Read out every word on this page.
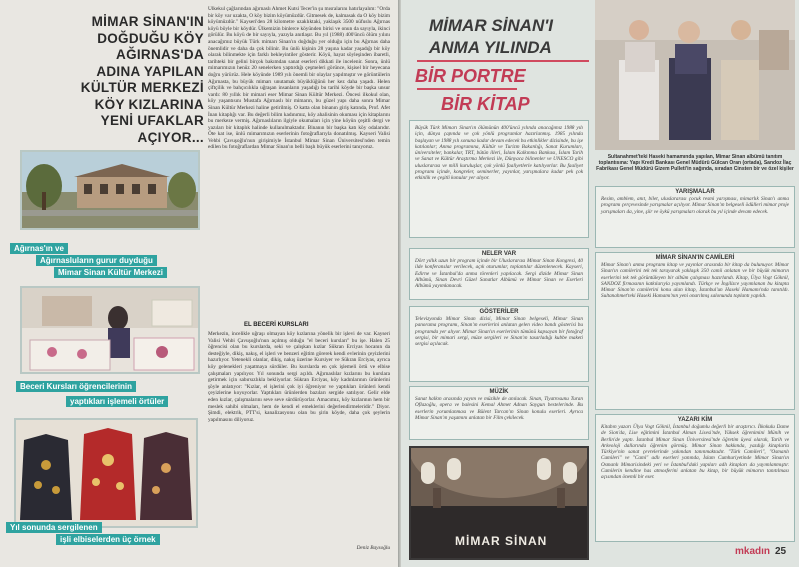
MİMAR SİNAN'IN
DOĞDUĞU KÖY
AĞIRNAS'DA
ADINA YAPILAN
KÜLTÜR MERKEZİ
KÖY KIZLARINA
YENİ UFAKLAR
AÇIYOR...
Ağırnas'ın ve
Ağırnasluların gurur duyduğu
Mimar Sinan Kültür Merkezi
Beceri Kursları öğrencilerinin
yaptıkları işlemeli örtüler
Yıl sonunda sergilenen
işli elbiselerden üç örnek
Ülkekul çağlarından ağırnaslı Ahmet Kutsi Tecer'in şu mısralarını hatırlayalım: "Orda bir köy var uzakta, O köy bizim köyümüzdür. Gitmesek de, kalmasak da O köy bizim köyümüzdür." Kayseri'den 28 kilometre uzaklıktaki, yaklaşık 3500 nüfuslu Ağırnas köyü böyle bir köydür. Ülkemizin binlerce köyünden birisi ve onun da sayıyla, ikinci görülür. Bu köyü de bir sayıyla, yazıyla anıtlaşır. Bu yıl (1988) 400'üncü ölüm yılını anacağımız büyük Türk mimarı Sinan'ın doğduğu yer olduğu için bu Ağırnas daha önemlidir ve daha da çok bilinir. Bu ünlü kişinin 28 yaşına kadar yaşadığı bir köy olarak bilinmekte için farklı bekleyintiler gösterir. Köyü, hayat söyleşinden ibaretli, tarihteki bir gelini birçok bakımdan sanat eserleri dikkati ile incelenir. Sonra, ünlü mimarımızın henüz 20 senelerken yaptırdığı çeşmeleri görünce, kişisel bir heyecana doğru yürürüz. Hele köyünde 1989 yılı önemli bir olaylar yapılmıştır ve görüntülerin Ağırnasta, bu büyük mimarı unutamak büyüklüğünü her kez daha yaşadı. Helen çiftçilik ve bahçıcılıkla uğraşan insanların yaşadığı bu tarihi köyde bir başka unsur vardı: 80 yıllık bir mimari eser Mimar Sinan Kültür Merkezi. Öncesi ilkokul olan, köy yaşantısını Mustafa Ağırnaslı bir mimarın, bu güzel yapı daha sonra Mimar Sinan Kültür Merkezi haline getirilmiş. O katta olan binanın giriş katında, Prof. Afet İnan kitaplığı var. Bu değerli bilim kadınımız, köy ahalisinin okuması için kitaplarını bu merkeze vermiş. Ağırnaslıların ilgiyle okumaları için yine köyün çeşitli dergi ve yazıları bir kitaplık halinde kullanılmaktadır. Binanın bir başka katı köy odalarıdır. Öte kat ise, ünlü mimarımızın eserlerinin fotoğraflarıyla donatılmış. Kayseri Valisi Vehbi Çavuşoğlu'nun girişimiyle İstanbul Mimar Sinan Üniversitesi'nden temin edilen bu fotoğraflardan Mimar Sinan'ın belli başlı büyük eserlerini tanıyoruz.
EL BECERİ KURSLARI
Merkezin, incelikle uğraşı olmayan köy kızlarına yönelik bir işlevi de var. Kayseri Valisi Vehbi Çavuşoğlu'nun açılmış olduğu "el beceri kursları" bu işe. Halen 25 öğrencisi olan bu kurslarda, seki ve çalışkan kızlar Sükran Erciyas hocanın da desteğiyle, dikiş, nakış, el işleri ve benzeri eğitim görerek kendi evlerinin çeyizlerini hazırlıyor. Yetenekli olanlar, dikiş, nakış üzerine Kursiyer ve Sükran Erciyas, ayrıca köy gelenekleri yaşatmaya sürdüler. Bu kurslarda en çok işlemeli örtü ve elbise çalışmaları yapılıyor. Yıl sonunda sergi açıldı. Ağırnaslılar kızlarını bu kurslara getirmek için sabırsızlıkla bekliyorlar. Sükran Erciyas, köy kadınlarının ürünlerini şöyle anlatıyor: "Kızlar, el işlerini çok iyi öğreniyor ve yaptıkları ürünleri kendi çeyizlerine koyuyorlar. Yaptıkları ürünlerden bazıları sergide satılıyor. Gelir elde eden kızlar, çalışmalarını seve seve sürdürüyorlar. Amacımız, köy kızlarının hem bir meslek sahibi olmaları, hem de kendi el emeklerini değerlendirmeleridir." Diyor. Şimdi, elektrik, PTT'si, kanalizasyonu olan bu şirin köyde, daha çok şeylerin yapılmasını diliyoruz.
Deniz Baysoğlu
MİMAR SİNAN'I
ANMA YILINDA
BİR PORTRE
BİR KİTAP
Büyük Türk Mimarı Sinan'ın ölümünün 400'üncü yılında anacağımız 1988 yılı için, dünya çapında ve çok yönlü programlar hazırlanmış. 1985 yılında başlayan ve 1988 yılı sonuna kadar devam edecek bu etkinlikler dizisinde, bu işe katılanlar; Anma programına, Kültür ve Turizm Bakanlığı, Sanat Kurumları, üniversiteler, bankalar, TRT, bütün illeri, İslam Kalkınma Bankası, İslam Tarih ve Sanat ve Kültür Araştırma Merkezi ile, Dünyaca bilinenler ve UNESCO gibi uluslararası ve milli kuruluşlar, çok yönlü faaliyetlerle katılıyorlar. Bu faaliyet programı içinde, kongreler, seminerler, yayınlar, yarışmalara kadar pek çok etkinlik ve çeşitli konular yer alıyor.
NELER VAR
Dört yıllık uzun bir program içinde bir Uluslararası Mimar Sinan Kongresi, 40 ilde konferanslar verilecek, açık oturumlar, toplantılar düzenlenecek. Kayseri, Edirne ve İstanbul'da anma törenleri yapılacak. Sergi dizide Mimar Sinan Albümü, Sinan Devri Güzel Sanatlar Albümü ve Mimar Sinan ve Eserleri Albümü yayımlanacak.
GÖSTERİLER
Televizyonda Mimar Sinan dizisi, Mimar Sinan belgeseli, Mimar Sinan panorama programı, Sinan'ın eserlerini anlatan gelen video bandı gösterisi bu programda yer alıyor. Mimar Sinan'ın eserlerinin tümünü kapsayan bir fotoğraf sergisi, bir mimari sergi, müze sergileri ve Sinan'ın tasarladığı kubbe maketi sergisi açılacak.
MÜZİK
Sanat halkın arasında yayım ve müzikle de anılacak. Sinan, Tiyatrosunu Turan Oflazoğlu, opera ve balesini Kemal Ahmet Adnan Saygun bestelerinde. Bu eserlerin yorumlanması ve Bülent Tarcan'ın Sinan konulu eserleri. Ayrıca Mimar Sinan'ın yaşamını anlatan bir Film çekilecek.
MİMAR SİNAN
Sultanahmet'teki Haseki hamamında yapılan, Mimar Sinan albümü tanıtım toplantısına: Yapı Kredi Bankası Genel Müdürü Gülcan Oran (ortada), Sandoz İlaç Fabrikası Genel Müdürü Gizem Pulleti'in sağında, sıradan Cinsten bir ve özel kişiler
YARIŞMALAR
Resim, amblem, anıt, bilet, uluslararası çocuk resmi yarışması, mimarlık Sinan'ı anma programı çerçevesinde yarışmalar açılıyor. Mimar Sinan'ın belgeseli ödülleri mimar proje yarışmaları da, yine, şiir ve öykü yarışmaları olarak bu yıl içinde devam edecek.
MİMAR SİNAN'IN CAMİLERİ
Mimar Sinan'ı anma programı kitap ve yayınlar arasında bir kitap da bulunuyor. Mimar Sinan'ın camilerini tek tek tarayarak yaklaşık 350 camii anlatan ve bir büyük mimarın eserlerini tek tek görüntüleyen bir albüm çalışması hazırlandı. Kitap, Ülya Vogt Göknil, SANDOZ firmasının katkılarıyla yayımlandı. Türkçe ve İngilizce yayımlanan bu kitapta Mimar Sinan'ın camilerini konu alan kitap, İstanbul'un Haseki Hamamı'nda tanıtıldı. Sultanahmet'teki Haseki Hamamı'nın yeni onarılmış salonunda toplantı yapıldı.
YAZARI KİM
Kitabın yazarı Ülya Vogt Göknil, İstanbul doğumlu değerli bir araştırıcı. İlkokulu Dame de Sion'da, Lise eğitimini İstanbul Alman Lisesi'nde, Yüksek öğrenimini Münih ve Berlin'de yaptı. İstanbul Mimar Sinan Üniversitesi'nde öğretim üyesi olarak, Tarih ve Arkeoloji dallarında öğrenim görmüş. Mimar Sinan hakkında, yazdığı kitaplarla Türkiye'nin sanat çevrelerinde yakından tanınmaktadır. "Türk Camileri", "Osmanlı Camileri" ve "Cami" adlı eserleri yanında, İslam Cumhuriyetinde Mimar Sinan'ın Osmanlı Mimarisindeki yeri ve İstanbul'daki yapıları adlı kitapları da yayımlanmıştır. Camilerin kendine has atmosferini anlatan bu kitap, bir büyük mimarın tanıtılması açısından önemli bir eser.
mkadın 25
